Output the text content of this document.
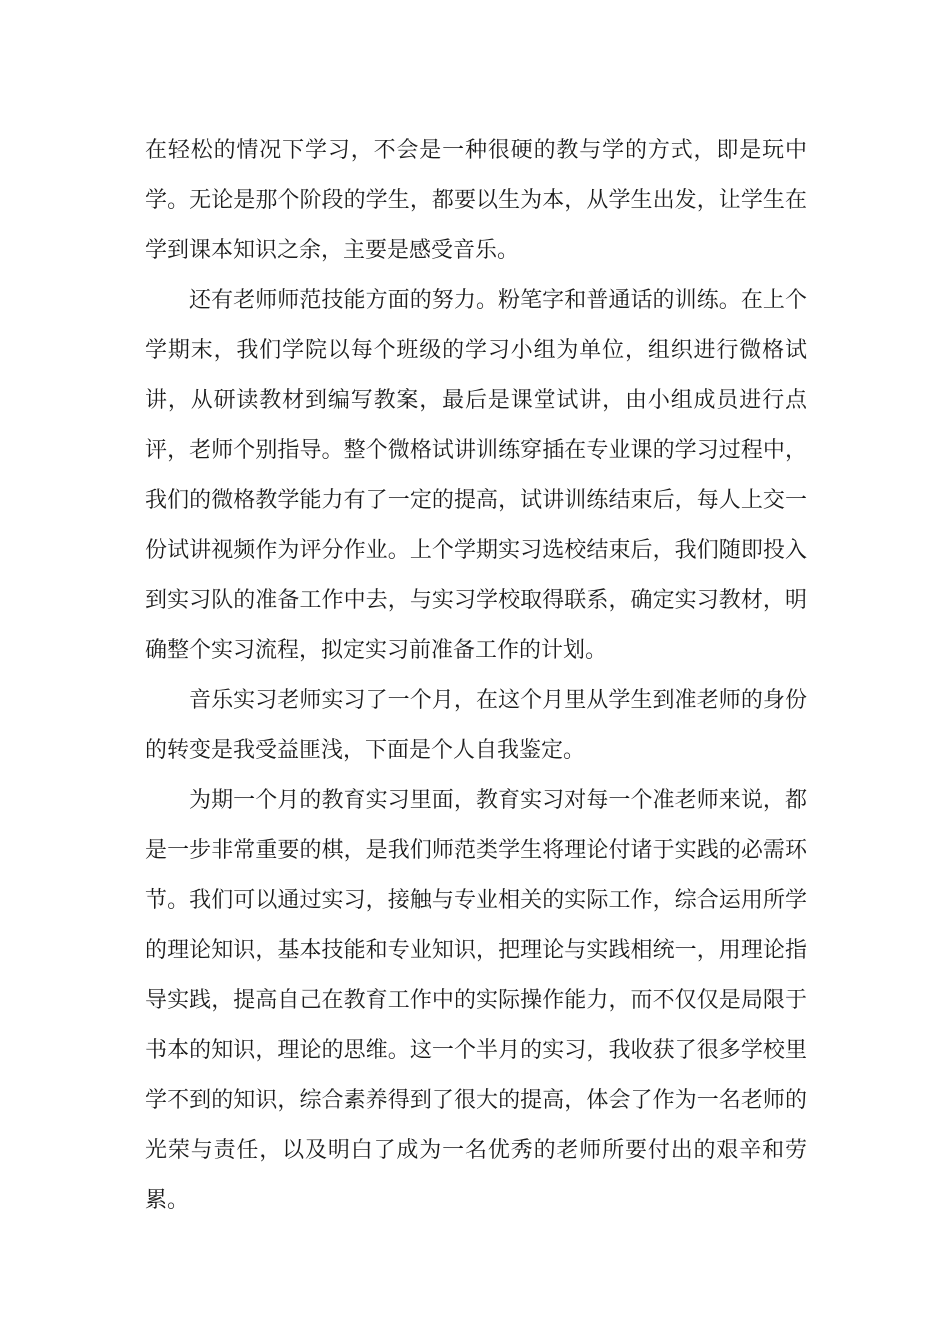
在轻松的情况下学习，不会是一种很硬的教与学的方式，即是玩中学。无论是那个阶段的学生，都要以生为本，从学生出发，让学生在学到课本知识之余，主要是感受音乐。

还有老师师范技能方面的努力。粉笔字和普通话的训练。在上个学期末，我们学院以每个班级的学习小组为单位，组织进行微格试讲，从研读教材到编写教案，最后是课堂试讲，由小组成员进行点评，老师个别指导。整个微格试讲训练穿插在专业课的学习过程中，我们的微格教学能力有了一定的提高，试讲训练结束后，每人上交一份试讲视频作为评分作业。上个学期实习选校结束后，我们随即投入到实习队的准备工作中去，与实习学校取得联系，确定实习教材，明确整个实习流程，拟定实习前准备工作的计划。

音乐实习老师实习了一个月，在这个月里从学生到准老师的身份的转变是我受益匪浅，下面是个人自我鉴定。

为期一个月的教育实习里面，教育实习对每一个准老师来说，都是一步非常重要的棋，是我们师范类学生将理论付诸于实践的必需环节。我们可以通过实习，接触与专业相关的实际工作，综合运用所学的理论知识，基本技能和专业知识，把理论与实践相统一，用理论指导实践，提高自己在教育工作中的实际操作能力，而不仅仅是局限于书本的知识，理论的思维。这一个半月的实习，我收获了很多学校里学不到的知识，综合素养得到了很大的提高，体会了作为一名老师的光荣与责任，以及明白了成为一名优秀的老师所要付出的艰辛和劳累。
